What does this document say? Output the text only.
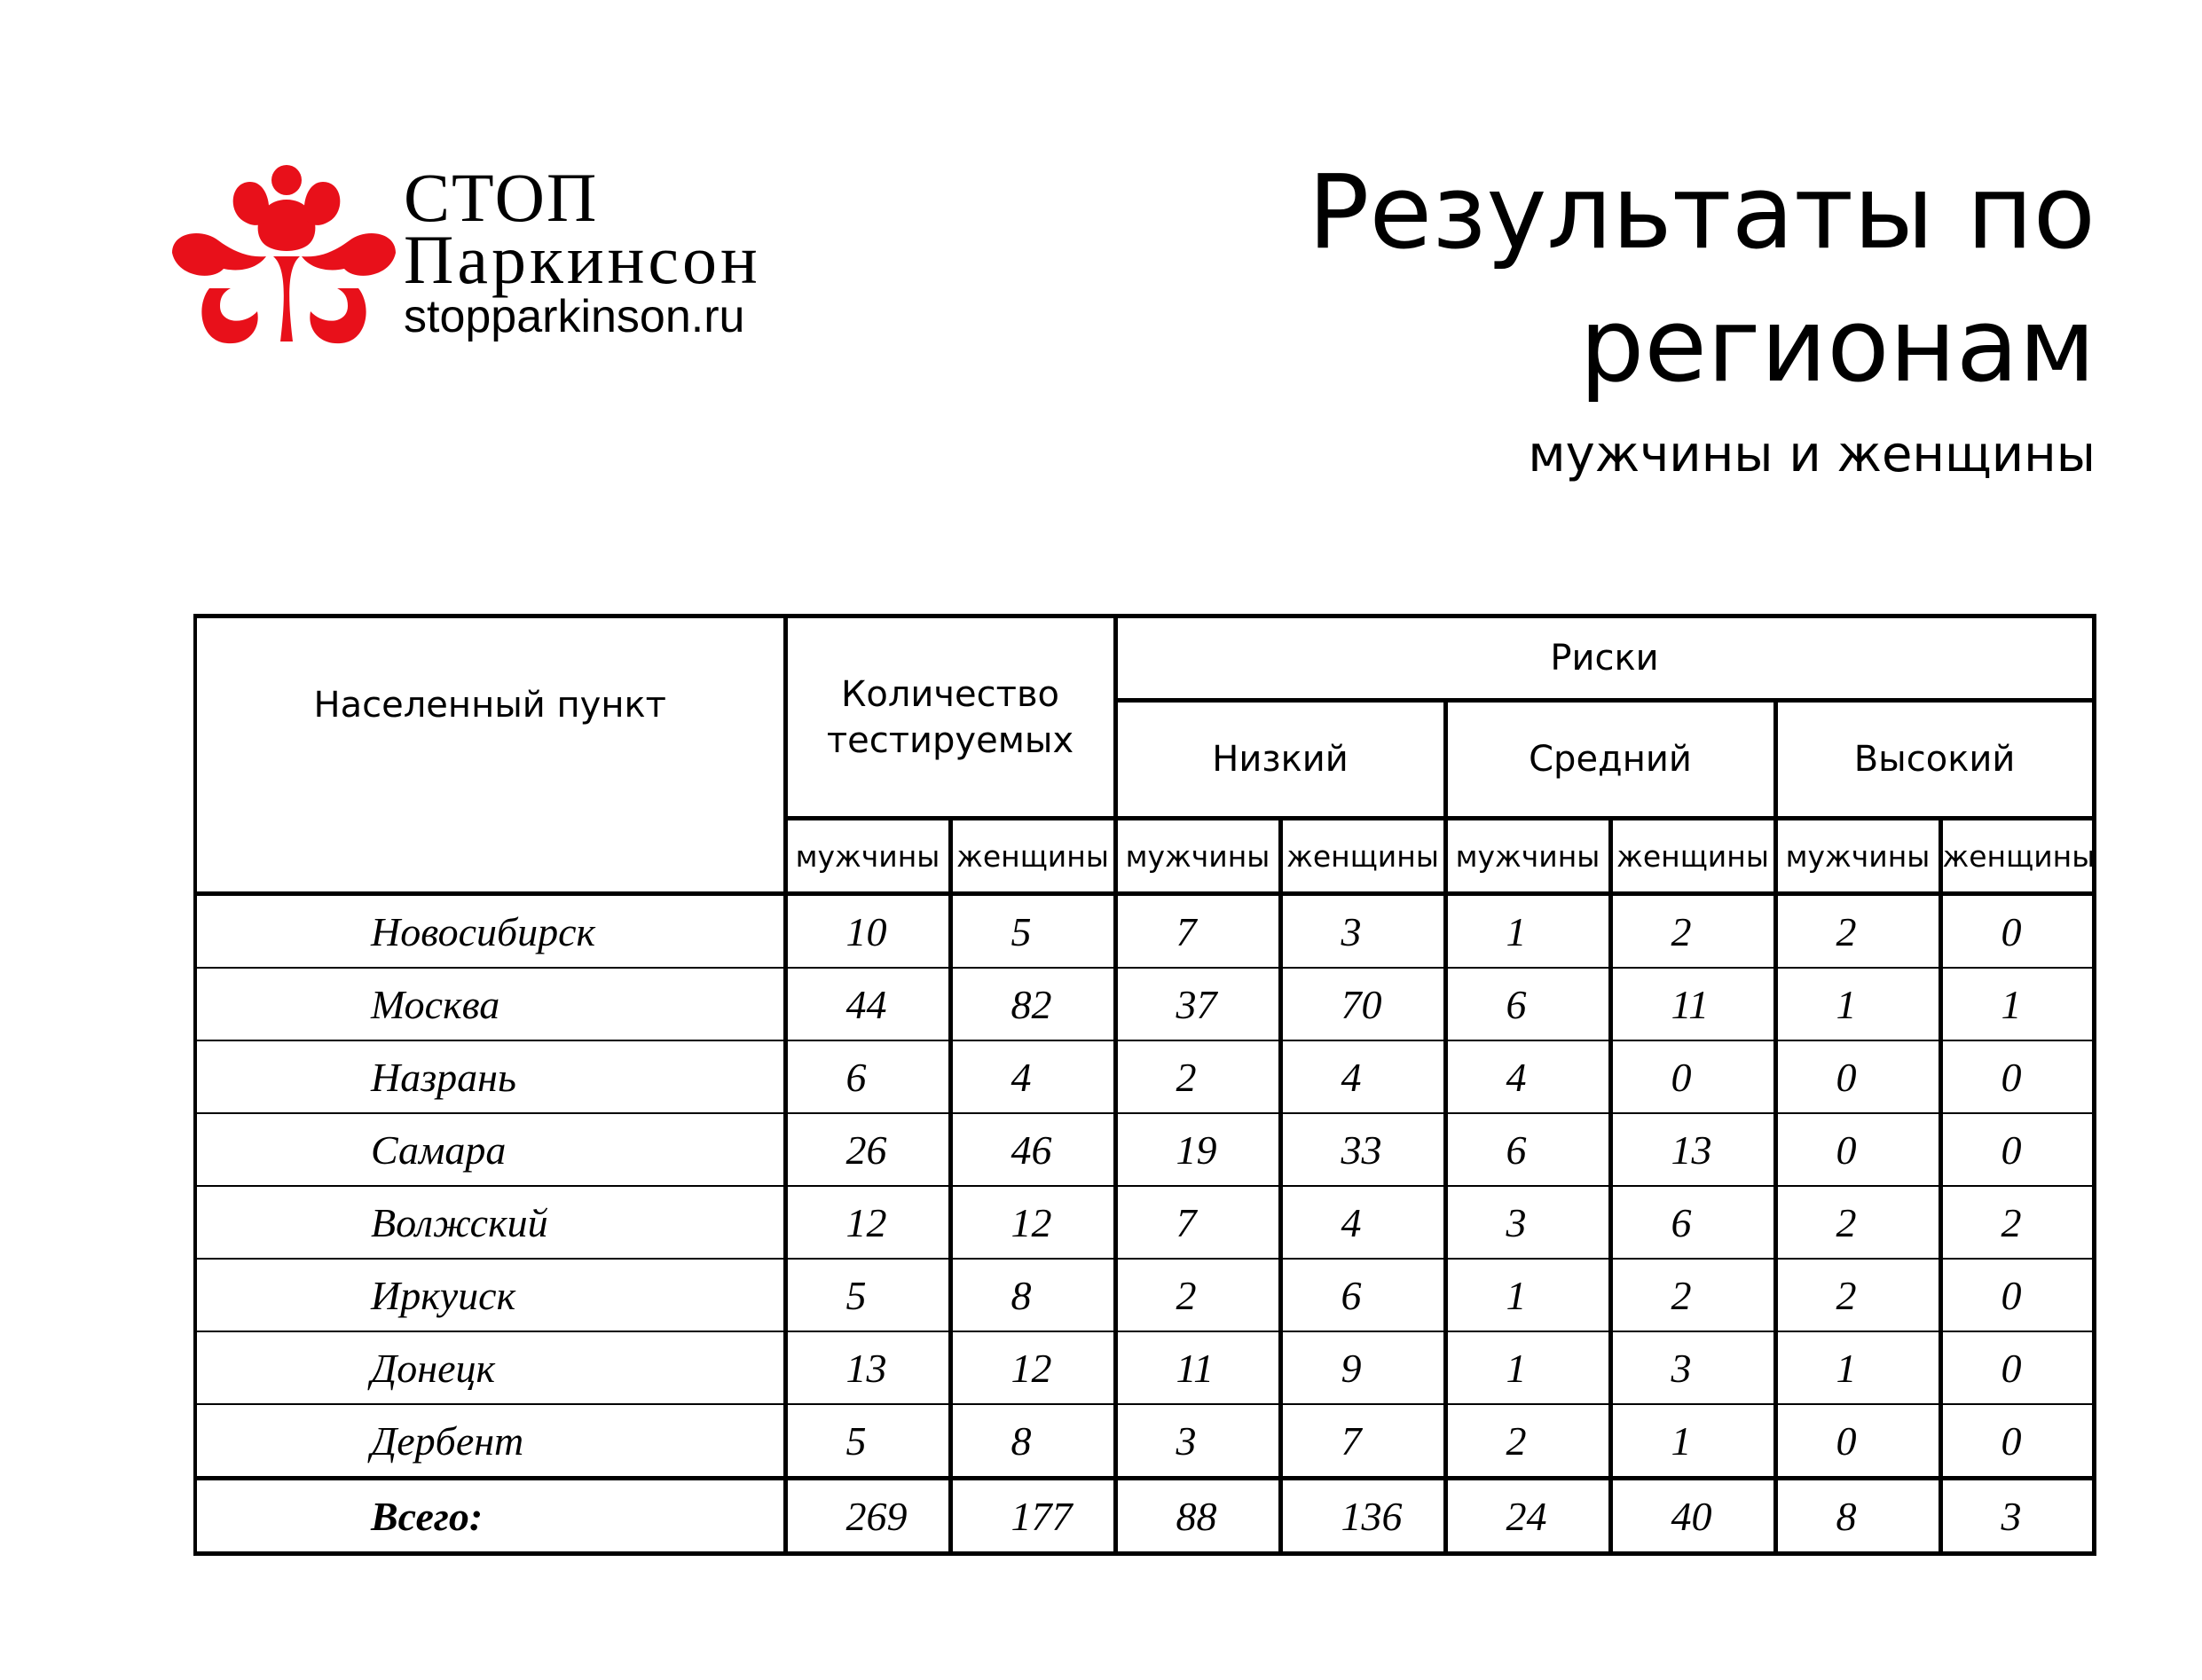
СТОП
Паркинсон
stopparkinson.ru
Результаты по регионам
мужчины и женщины
Населенный пункт	Количество тестируемых		Риски					
			Низкий		Средний		Высокий	
	мужчины	женщины	мужчины	женщины	мужчины	женщины	мужчины	женщины
Новосибирск	10	5	7	3	1	2	2	0
Москва	44	82	37	70	6	11	1	1
Назрань	6	4	2	4	4	0	0	0
Самара	26	46	19	33	6	13	0	0
Волжский	12	12	7	4	3	6	2	2
Иркуиск	5	8	2	6	1	2	2	0
Донецк	13	12	11	9	1	3	1	0
Дербент	5	8	3	7	2	1	0	0
Всего:	269	177	88	136	24	40	8	3
